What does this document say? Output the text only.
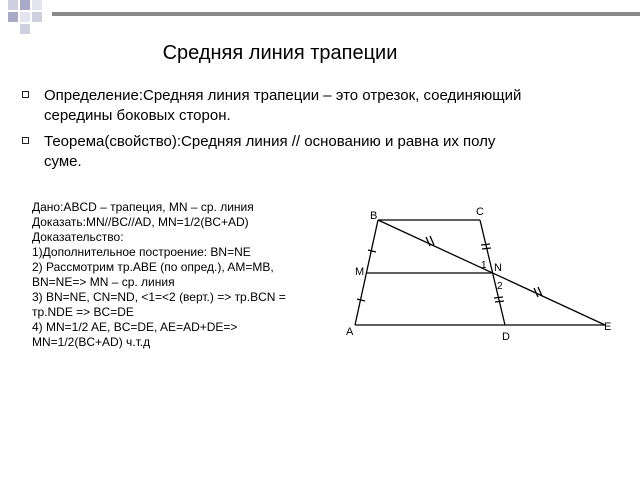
Средняя линия трапеции
Определение:Средняя линия трапеции – это отрезок, соединяющий
середины боковых сторон.
Теорема(свойство):Средняя линия // основанию и равна их полу
суме.
Дано:ABCD – трапеция, MN – ср. линия
Доказать:MN//BC//AD, MN=1/2(BC+AD)
Доказательство:
1)Дополнительное построение: BN=NE
2) Рассмотрим тр.ABE (по опред.), AM=MB,
BN=NE=> MN – ср. линия
3) BN=NE, CN=ND, <1=<2 (верт.) => тр.BCN =
тр.NDE => BC=DE
4) MN=1/2 AE, BC=DE, AE=AD+DE=>
MN=1/2(BC+AD) ч.т.д
B	C
M	N
A	D
E
1
2
